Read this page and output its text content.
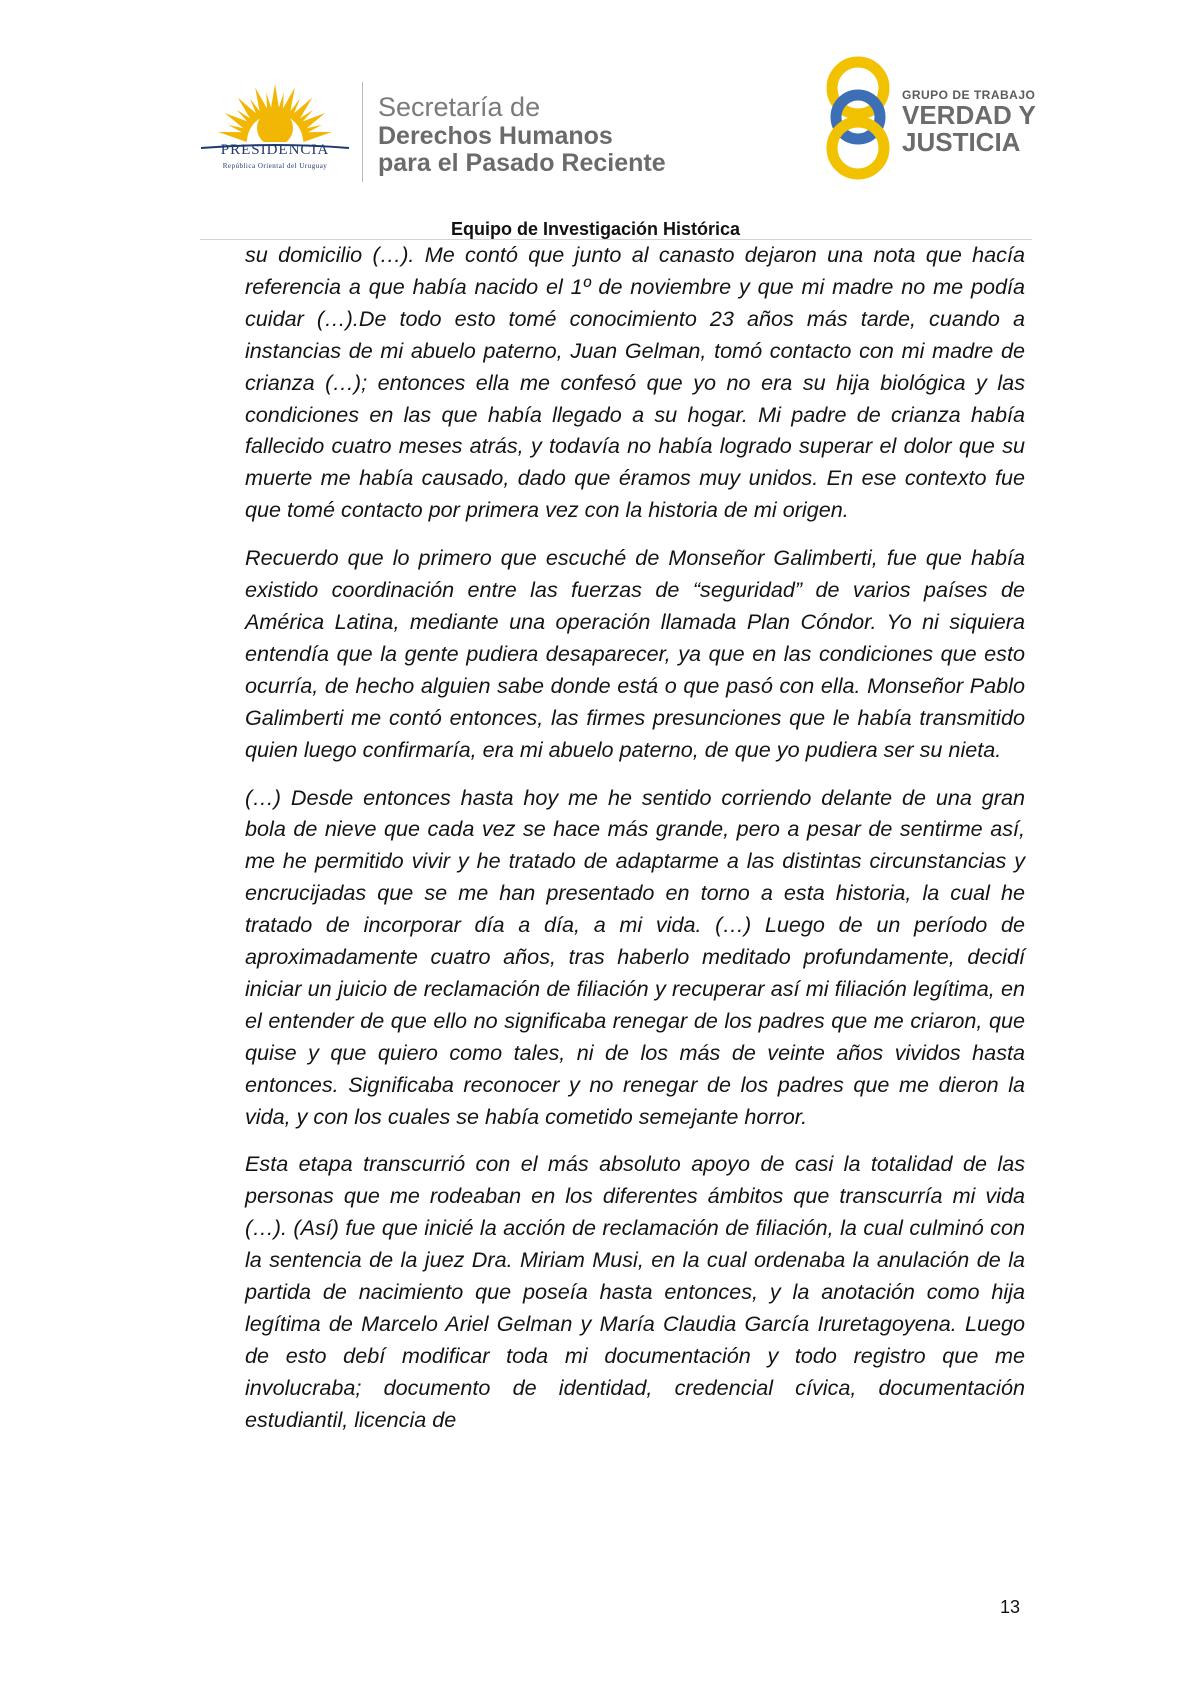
PRESIDENCIA
República Oriental del Uruguay
Secretaría de
Derechos Humanos
para el Pasado Reciente
GRUPO DE TRABAJO
VERDAD Y
JUSTICIA
Equipo de Investigación Histórica

su domicilio (…). Me contó que junto al canasto dejaron una nota que hacía referencia a que había nacido el 1º de noviembre y que mi madre no me podía cuidar (…).De todo esto tomé conocimiento 23 años más tarde, cuando a instancias de mi abuelo paterno, Juan Gelman, tomó contacto con mi madre de crianza (…); entonces ella me confesó que yo no era su hija biológica y las condiciones en las que había llegado a su hogar. Mi padre de crianza había fallecido cuatro meses atrás, y todavía no había logrado superar el dolor que su muerte me había causado, dado que éramos muy unidos. En ese contexto fue que tomé contacto por primera vez con la historia de mi origen.

Recuerdo que lo primero que escuché de Monseñor Galimberti, fue que había existido coordinación entre las fuerzas de “seguridad” de varios países de América Latina, mediante una operación llamada Plan Cóndor. Yo ni siquiera entendía que la gente pudiera desaparecer, ya que en las condiciones que esto ocurría, de hecho alguien sabe donde está o que pasó con ella. Monseñor Pablo Galimberti me contó entonces, las firmes presunciones que le había transmitido quien luego confirmaría, era mi abuelo paterno, de que yo pudiera ser su nieta.

(…) Desde entonces hasta hoy me he sentido corriendo delante de una gran bola de nieve que cada vez se hace más grande, pero a pesar de sentirme así, me he permitido vivir y he tratado de adaptarme a las distintas circunstancias y encrucijadas que se me han presentado en torno a esta historia, la cual he tratado de incorporar día a día, a mi vida. (…) Luego de un período de aproximadamente cuatro años, tras haberlo meditado profundamente, decidí iniciar un juicio de reclamación de filiación y recuperar así mi filiación legítima, en el entender de que ello no significaba renegar de los padres que me criaron, que quise y que quiero como tales, ni de los más de veinte años vividos hasta entonces. Significaba reconocer y no renegar de los padres que me dieron la vida, y con los cuales se había cometido semejante horror.

Esta etapa transcurrió con el más absoluto apoyo de casi la totalidad de las personas que me rodeaban en los diferentes ámbitos que transcurría mi vida (…). (Así) fue que inicié la acción de reclamación de filiación, la cual culminó con la sentencia de la juez Dra. Miriam Musi, en la cual ordenaba la anulación de la partida de nacimiento que poseía hasta entonces, y la anotación como hija legítima de Marcelo Ariel Gelman y María Claudia García Iruretagoyena. Luego de esto debí modificar toda mi documentación y todo registro que me involucraba; documento de identidad, credencial cívica, documentación estudiantil, licencia de

13
